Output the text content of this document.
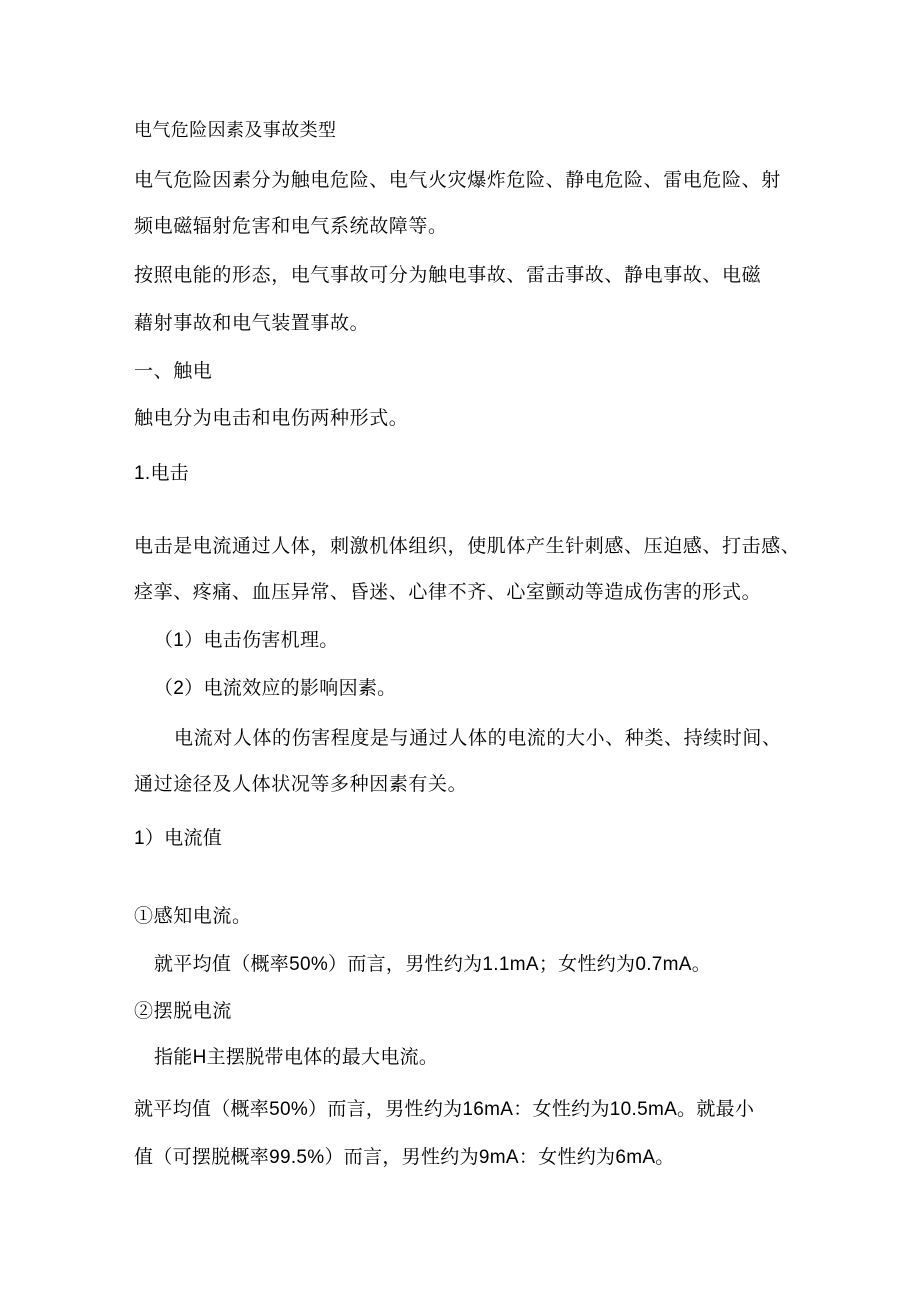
电气危险因素及事故类型
电气危险因素分为触电危险、电气火灾爆炸危险、静电危险、雷电危险、射
频电磁辐射危害和电气系统故障等。
按照电能的形态，电气事故可分为触电事故、雷击事故、静电事故、电磁
藉射事故和电气装置事故。
一、触电
触电分为电击和电伤两种形式。
1.电击
电击是电流通过人体，刺激机体组织，使肌体产生针刺感、压迫感、打击感、
痉挛、疼痛、血压异常、昏迷、心律不齐、心室颤动等造成伤害的形式。
（1）电击伤害机理。
（2）电流效应的影响因素。
电流对人体的伤害程度是与通过人体的电流的大小、种类、持续时间、
通过途径及人体状况等多种因素有关。
1）电流值
①感知电流。
就平均值（概率50%）而言，男性约为1.1mA；女性约为0.7mA。
②摆脱电流
指能H主摆脱带电体的最大电流。
就平均值（概率50%）而言，男性约为16mA：女性约为10.5mA。就最小
值（可摆脱概率99.5%）而言，男性约为9mA：女性约为6mA。
